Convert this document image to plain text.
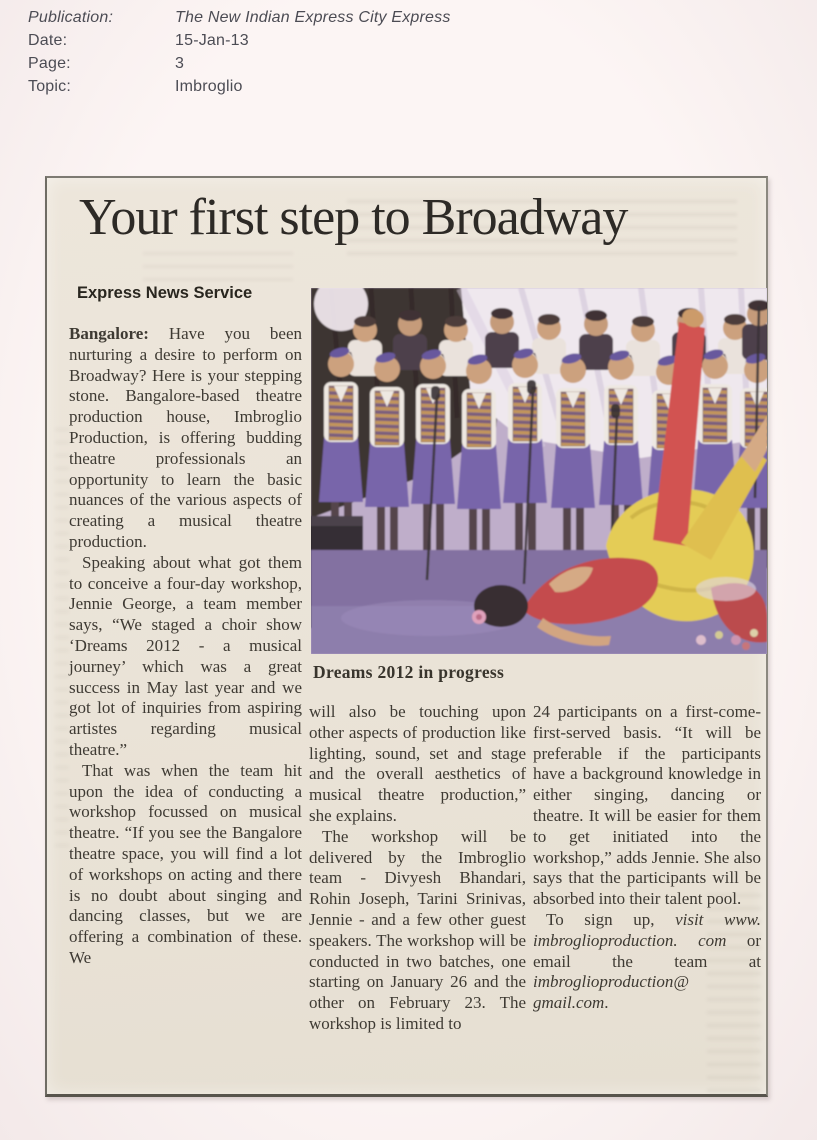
Publication:	The New Indian Express City Express
Date:	15-Jan-13
Page:	3
Topic:	Imbroglio
Your first step to Broadway
Express News Service
Dreams 2012 in progress

Bangalore: Have you been nurturing a desire to perform on Broadway? Here is your stepping stone. Bangalore-based theatre production house, Imbroglio Production, is offering budding theatre professionals an opportunity to learn the basic nuances of the various aspects of creating a musical theatre production.

Speaking about what got them to conceive a four-day workshop, Jennie George, a team member says, “We staged a choir show ‘Dreams 2012 - a musical journey’ which was a great success in May last year and we got lot of inquiries from aspiring artistes regarding musical theatre.”

That was when the team hit upon the idea of conducting a workshop focussed on musical theatre. “If you see the Bangalore theatre space, you will find a lot of workshops on acting and there is no doubt about singing and dancing classes, but we are offering a combination of these. We

will also be touching upon other aspects of production like lighting, sound, set and stage and the overall aesthetics of musical theatre production,” she explains.

The workshop will be delivered by the Imbroglio team - Divyesh Bhandari, Rohin Joseph, Tarini Srinivas, Jennie - and a few other guest speakers. The workshop will be conducted in two batches, one starting on January 26 and the other on February 23. The workshop is limited to

24 participants on a first-come-first-served basis. “It will be preferable if the participants have a background knowledge in either singing, dancing or theatre. It will be easier for them to get initiated into the workshop,” adds Jennie. She also says that the participants will be absorbed into their talent pool.

To sign up, visit www. imbroglioproduction. com or email the team at imbroglioproduction@ gmail.com.
